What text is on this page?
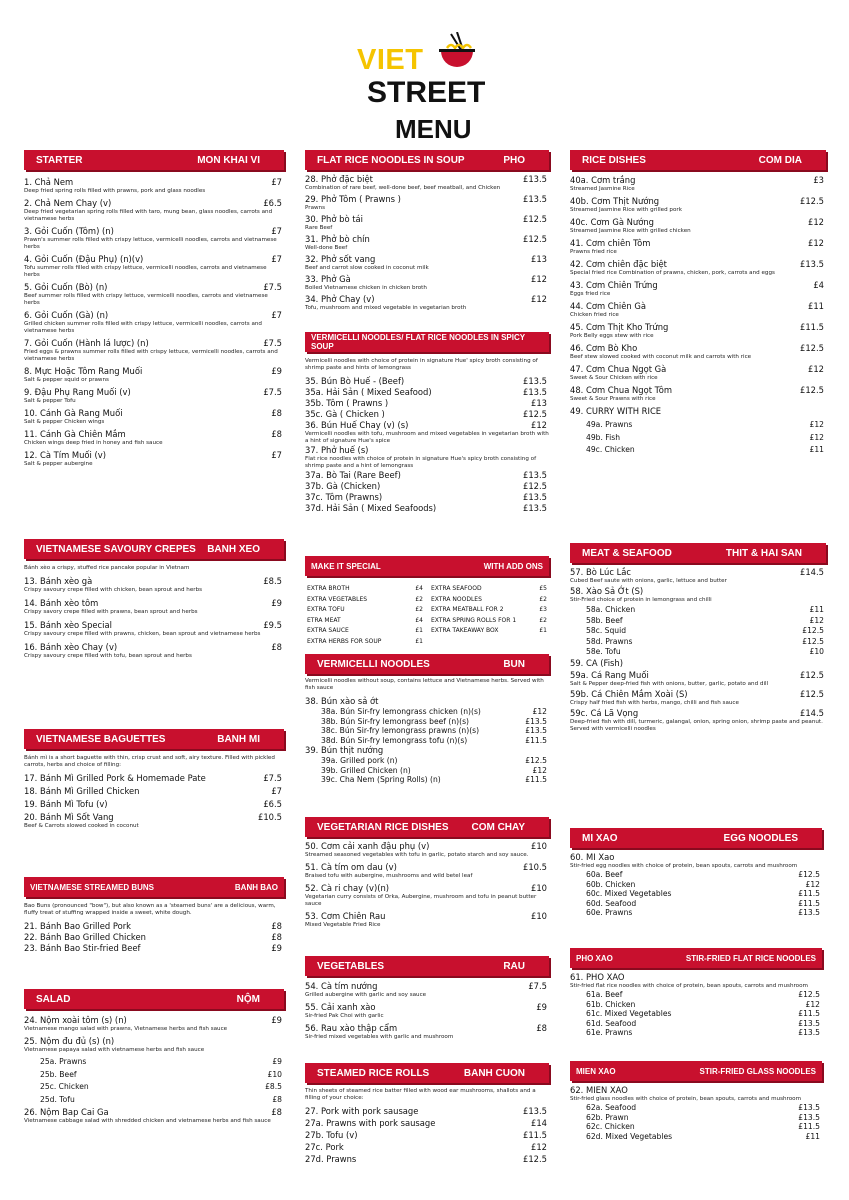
VIET
STREET
MENU
STARTER	MON KHAI VI
1. Chả Nem	£7
Deep fried spring rolls filled with prawns, pork and glass noodles
2. Chả Nem Chay (v)	£6.5
Deep fried vegetarian spring rolls filled with taro, mung bean, glass noodles, carrots and vietnamese herbs
3. Gỏi Cuốn (Tôm) (n)	£7
Prawn's summer rolls filled with crispy lettuce, vermicelli noodles, carrots and vietnamese herbs
4. Gỏi Cuốn (Đậu Phụ) (n)(v)	£7
Tofu summer rolls filled with crispy lettuce, vermicelli noodles, carrots and vietnamese herbs
5. Gỏi Cuốn (Bò) (n)	£7.5
Beef summer rolls filled with crispy lettuce, vermicelli noodles, carrots and vietnamese herbs
6. Gỏi Cuốn (Gà) (n)	£7
Grilled chicken summer rolls filled with crispy lettuce, vermicelli noodles, carrots and vietnamese herbs
7. Gỏi Cuốn (Hành lá lược) (n)	£7.5
Fried eggs & prawns summer rolls filled with crispy lettuce, vermicelli noodles, carrots and vietnamese herbs
8. Mực Hoặc Tôm Rang Muối	£9
Salt & pepper squid or prawns
9. Đậu Phụ Rang Muối (v)	£7.5
Salt & pepper Tofu
10. Cánh Gà Rang Muối	£8
Salt & pepper Chicken wings
11. Cánh Gà Chiên Mắm	£8
Chicken wings deep fried in honey and fish sauce
12. Cà Tím Muối (v)	£7
Salt & pepper aubergine
VIETNAMESE SAVOURY CREPES BANH XEO
Bánh xèo a crispy, stuffed rice pancake popular in Vietnam
13. Bánh xèo gà	£8.5
Crispy savoury crepe filled with chicken, bean sprout and herbs
14. Bánh xèo tôm	£9
Crispy savory crepe filled with prawns, bean sprout and herbs
15. Bánh xèo Special	£9.5
Crispy savoury crepe filled with prawns, chicken, bean sprout and vietnamese herbs
16. Bánh xèo Chay (v)	£8
Crispy savoury crepe filled with tofu, bean sprout and herbs
VIETNAMESE BAGUETTES	BANH MI
Bánh mì is a short baguette with thin, crisp crust and soft, airy texture. Filled with pickled carrots, herbs and choice of filling:
17. Bánh Mì Grilled Pork & Homemade Pate	£7.5
18. Bánh Mì Grilled Chicken	£7
19. Bánh Mì Tofu (v)	£6.5
20. Bánh Mì Sốt Vang	£10.5
Beef & Carrots slowed cooked in coconut
VIETNAMESE STREAMED BUNS	BANH BAO
Bao Buns (pronounced "bow"), but also known as a 'steamed buns' are a delicious, warm, fluffy treat of stuffing wrapped inside a sweet, white dough.
21. Bánh Bao Grilled Pork	£8
22. Bánh Bao Grilled Chicken	£8
23. Bánh Bao Stir-fried Beef	£9
SALAD	NỘM
24. Nộm xoài tôm (s) (n)	£9
Vietnamese mango salad with prawns, Vietnamese herbs and fish sauce
25. Nộm đu đủ (s) (n)
Vietnamese papaya salad with vietnamese herbs and fish sauce
25a. Prawns	£9
25b. Beef	£10
25c. Chicken	£8.5
25d. Tofu	£8
26. Nộm Bap Cai Ga	£8
Vietnamese cabbage salad with shredded chicken and vietnamese herbs and fish sauce
FLAT RICE NOODLES IN SOUP	PHO
28. Phở đặc biệt	£13.5
Combination of rare beef, well-done beef, beef meatball, and Chicken
29. Phở Tôm ( Prawns )	£13.5
Prawns
30. Phở bò tái	£12.5
Rare Beef
31. Phở bò chín	£12.5
Well-done Beef
32. Phở sốt vang	£13
Beef and carrot slow cooked in coconut milk
33. Phở Gà	£12
Boiled Vietnamese chicken in chicken broth
34. Phở Chay (v)	£12
Tofu, mushroom and mixed vegetable in vegetarian broth
VERMICELLI NOODLES/ FLAT RICE NOODLES IN SPICY SOUP
Vermicelli noodles with choice of protein in signature Hue' spicy broth consisting of shrimp paste and hints of lemongrass
35. Bún Bò Huế - (Beef)	£13.5
35a. Hải Sản ( Mixed Seafood)	£13.5
35b. Tôm ( Prawns )	£13
35c. Gà ( Chicken )	£12.5
36. Bún Huế Chay (v) (s)	£12
Vermicelli noodles with tofu, mushroom and mixed vegetables in vegetarian broth with a hint of signature Hue's spice
37. Phở huế (s)
Flat rice noodles with choice of protein in signature Hue's spicy broth consisting of shrimp paste and a hint of lemongrass
37a. Bò Tai (Rare Beef)	£13.5
37b. Gà (Chicken)	£12.5
37c. Tôm (Prawns)	£13.5
37d. Hải Sản ( Mixed Seafoods)	£13.5
MAKE IT SPECIAL	WITH ADD ONS
EXTRA BROTH	£4
EXTRA VEGETABLES	£2
EXTRA TOFU	£2
ETRA MEAT	£4
EXTRA SAUCE	£1
EXTRA HERBS FOR SOUP	£1
EXTRA SEAFOOD	£5
EXTRA NOODLES	£2
EXTRA MEATBALL FOR 2	£3
EXTRA SPRING ROLLS FOR 1	£2
EXTRA TAKEAWAY BOX	£1
VERMICELLI NOODLES	BUN
Vermicelli noodles without soup, contains lettuce and Vietnamese herbs. Served with fish sauce
38. Bún xào sả ớt
38a. Bún Sir-fry lemongrass chicken (n)(s)	£12
38b. Bún Sir-fry lemongrass beef (n)(s)	£13.5
38c. Bún Sir-fry lemongrass prawns (n)(s)	£13.5
38d. Bún Sir-fry lemongrass tofu (n)(s)	£11.5
39. Bún thịt nướng
39a. Grilled pork (n)	£12.5
39b. Grilled Chicken (n)	£12
39c. Cha Nem (Spring Rolls) (n)	£11.5
VEGETARIAN RICE DISHES COM CHAY
50. Cơm cải xanh đậu phụ (v)	£10
Streamed seasoned vegetables with tofu in garlic, potato starch and soy sauce.
51. Cà tím om dau (v)	£10.5
Braised tofu with aubergine, mushrooms and wild betel leaf
52. Cà ri chay (v)(n)	£10
Vegetarian curry consists of Orka, Aubergine, mushroom and tofu in peanut butter sauce
53. Cơm Chiên Rau	£10
Mixed Vegetable Fried Rice
VEGETABLES	RAU
54. Cà tím nướng	£7.5
Grilled aubergine with garlic and soy sauce
55. Cải xanh xào	£9
Sir-fried Pak Choi with garlic
56. Rau xào thập cẩm	£8
Sir-fried mixed vegetables with garlic and mushroom
STEAMED RICE ROLLS	BANH CUON
Thin sheets of steamed rice batter filled with wood ear mushrooms, shallots and a filling of your choice:
27. Pork with pork sausage	£13.5
27a. Prawns with pork sausage	£14
27b. Tofu (v)	£11.5
27c. Pork	£12
27d. Prawns	£12.5
RICE DISHES	COM DIA
40a. Cơm trắng	£3
Streamed Jasmine Rice
40b. Cơm Thịt Nướng	£12.5
Streamed Jasmine Rice with grilled pork
40c. Cơm Gà Nướng	£12
Streamed Jasmine Rice with grilled chicken
41. Cơm chiên Tôm	£12
Prawns fried rice
42. Cơm chiên đặc biệt	£13.5
Special fried rice Combination of prawns, chicken, pork, carrots and eggs
43. Cơm Chiên Trứng	£4
Eggs fried rice
44. Cơm Chiên Gà	£11
Chicken fried rice
45. Cơm Thịt Kho Trứng	£11.5
Pork Belly eggs stew with rice
46. Cơm Bò Kho	£12.5
Beef stew slowed cooked with coconut milk and carrots with rice
47. Cơm Chua Ngọt Gà	£12
Sweet & Sour Chicken with rice
48. Cơm Chua Ngọt Tôm	£12.5
Sweet & Sour Prawns with rice
49. CURRY WITH RICE
49a. Prawns	£12
49b. Fish	£12
49c. Chicken	£11
MEAT & SEAFOOD	THIT & HAI SAN
57. Bò Lúc Lắc	£14.5
Cubed Beef saute with onions, garlic, lettuce and butter
58. Xào Sả Ớt (S)
Stir-Fried choice of protein in lemongrass and chilli
58a. Chicken	£11
58b. Beef	£12
58c. Squid	£12.5
58d. Prawns	£12.5
58e. Tofu	£10
59. CA (Fish)
59a. Cá Rang Muối	£12.5
Salt & Pepper deep-fried fish with onions, butter, garlic, potato and dill
59b. Cá Chiên Mắm Xoài (S)	£12.5
Crispy half fried fish with herbs, mango, chilli and fish sauce
59c. Cá Lã Vọng	£14.5
Deep-fried fish with dill, turmeric, galangal, onion, spring onion, shrimp paste and peanut. Served with vermicelli noodles
MI XAO	EGG NOODLES
60. MI Xao
Stir-fried egg noodles with choice of protein, bean spouts, carrots and mushroom
60a. Beef	£12.5
60b. Chicken	£12
60c. Mixed Vegetables	£11.5
60d. Seafood	£11.5
60e. Prawns	£13.5
PHO XAO	STIR-FRIED FLAT RICE NOODLES
61. PHO XAO
Stir-fried flat rice noodles with choice of protein, bean spouts, carrots and mushroom
61a. Beef	£12.5
61b. Chicken	£12
61c. Mixed Vegetables	£11.5
61d. Seafood	£13.5
61e. Prawns	£13.5
MIEN XAO	STIR-FRIED GLASS NOODLES
62. MIEN XAO
Stir-fried glass noodles with choice of protein, bean spouts, carrots and mushroom
62a. Seafood	£13.5
62b. Prawn	£13.5
62c. Chicken	£11.5
62d. Mixed Vegetables	£11
